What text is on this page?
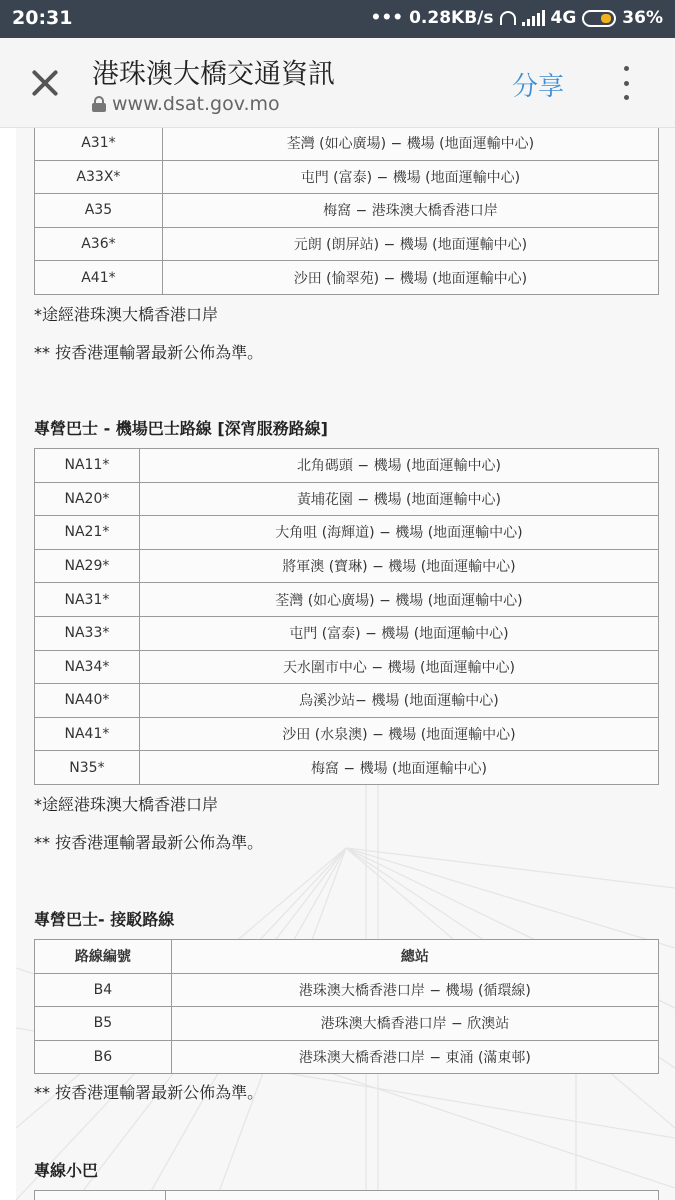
20:31	••• 0.28KB/s	4G	36%
港珠澳大橋交通資訊
www.dsat.gov.mo
分享
A31*	荃灣 (如心廣場) − 機場 (地面運輸中心)
A33X*	屯門 (富泰) − 機場 (地面運輸中心)
A35	梅窩 − 港珠澳大橋香港口岸
A36*	元朗 (朗屏站) − 機場 (地面運輸中心)
A41*	沙田 (愉翠苑) − 機場 (地面運輸中心)
*途經港珠澳大橋香港口岸
** 按香港運輸署最新公佈為準。
專營巴士 - 機場巴士路線 [深宵服務路線]
NA11*	北角碼頭 − 機場 (地面運輸中心)
NA20*	黃埔花園 − 機場 (地面運輸中心)
NA21*	大角咀 (海輝道) − 機場 (地面運輸中心)
NA29*	將軍澳 (寶琳) − 機場 (地面運輸中心)
NA31*	荃灣 (如心廣場) − 機場 (地面運輸中心)
NA33*	屯門 (富泰) − 機場 (地面運輸中心)
NA34*	天水圍市中心 − 機場 (地面運輸中心)
NA40*	烏溪沙站− 機場 (地面運輸中心)
NA41*	沙田 (水泉澳) − 機場 (地面運輸中心)
N35*	梅窩 − 機場 (地面運輸中心)
*途經港珠澳大橋香港口岸
** 按香港運輸署最新公佈為準。
專營巴士- 接駁路線
路線編號	總站
B4	港珠澳大橋香港口岸 − 機場 (循環線)
B5	港珠澳大橋香港口岸 − 欣澳站
B6	港珠澳大橋香港口岸 − 東涌 (滿東邨)
** 按香港運輸署最新公佈為準。
專線小巴
